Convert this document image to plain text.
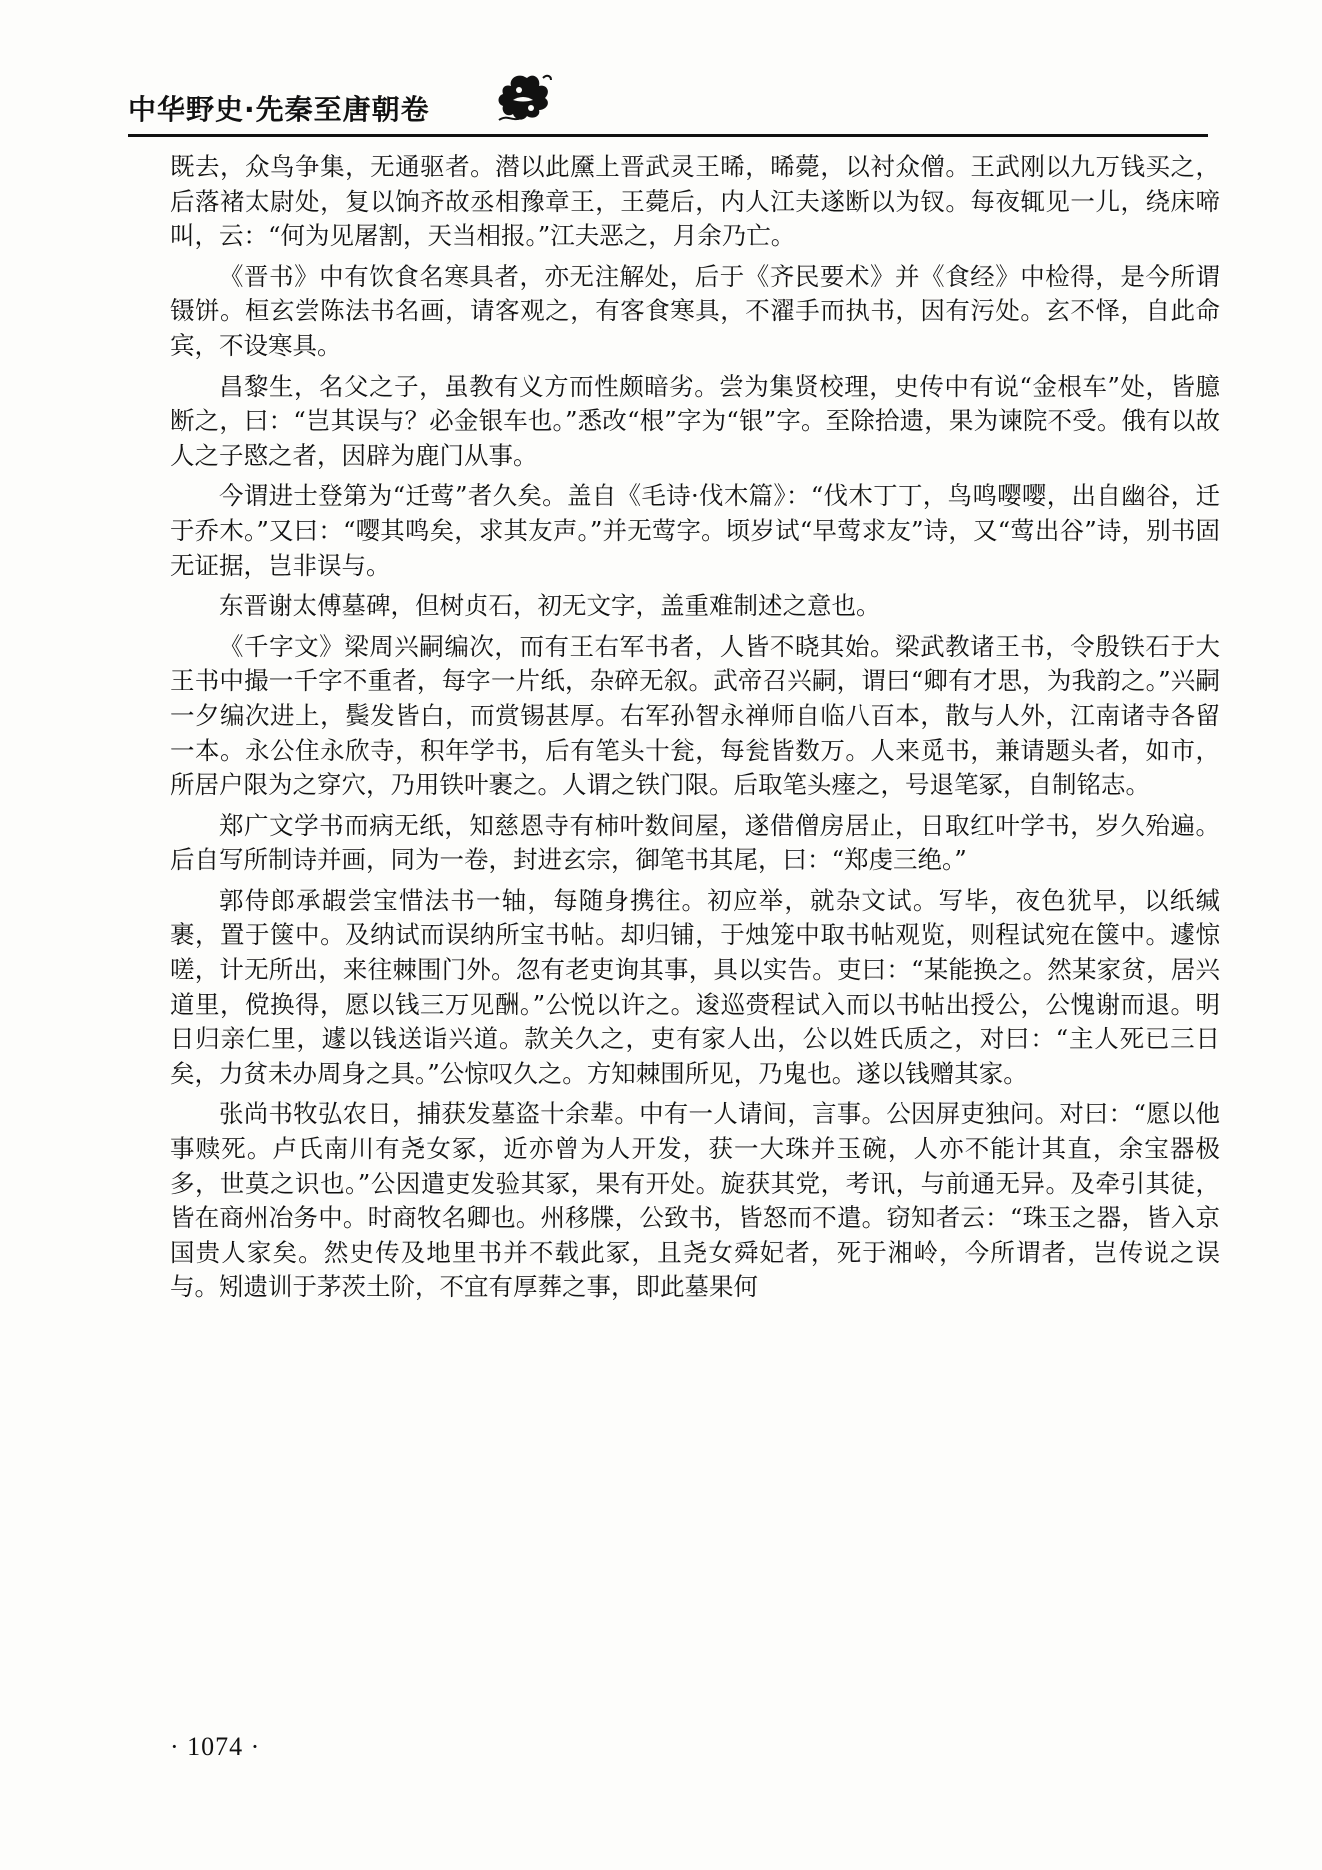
中华野史·先秦至唐朝卷

既去，众鸟争集，无通驱者。潜以此黡上晋武灵王晞，晞薨，以衬众僧。王武刚以九万钱买之，后落褚太尉处，复以饷齐故丞相豫章王，王薨后，内人江夫遂断以为钗。每夜辄见一儿，绕床啼叫，云：“何为见屠割，天当相报。”江夫恶之，月余乃亡。

《晋书》中有饮食名寒具者，亦无注解处，后于《齐民要术》并《食经》中检得，是今所谓镊饼。桓玄尝陈法书名画，请客观之，有客食寒具，不濯手而执书，因有污处。玄不怿，自此命宾，不设寒具。

昌黎生，名父之子，虽教有义方而性颇暗劣。尝为集贤校理，史传中有说“金根车”处，皆臆断之，曰：“岂其误与？必金银车也。”悉改“根”字为“银”字。至除拾遗，果为谏院不受。俄有以故人之子愍之者，因辟为鹿门从事。

今谓进士登第为“迁莺”者久矣。盖自《毛诗·伐木篇》：“伐木丁丁，鸟鸣嘤嘤，出自幽谷，迁于乔木。”又曰：“嘤其鸣矣，求其友声。”并无莺字。顷岁试“早莺求友”诗，又“莺出谷”诗，别书固无证据，岂非误与。

东晋谢太傅墓碑，但树贞石，初无文字，盖重难制述之意也。

《千字文》梁周兴嗣编次，而有王右军书者，人皆不晓其始。梁武教诸王书，令殷铁石于大王书中撮一千字不重者，每字一片纸，杂碎无叙。武帝召兴嗣，谓曰“卿有才思，为我韵之。”兴嗣一夕编次进上，鬓发皆白，而赏锡甚厚。右军孙智永禅师自临八百本，散与人外，江南诸寺各留一本。永公住永欣寺，积年学书，后有笔头十瓮，每瓮皆数万。人来觅书，兼请题头者，如市，所居户限为之穿穴，乃用铁叶裹之。人谓之铁门限。后取笔头瘗之，号退笔冢，自制铭志。

郑广文学书而病无纸，知慈恩寺有柿叶数间屋，遂借僧房居止，日取红叶学书，岁久殆遍。后自写所制诗并画，同为一卷，封进玄宗，御笔书其尾，曰：“郑虔三绝。”

郭侍郎承嘏尝宝惜法书一轴，每随身携往。初应举，就杂文试。写毕，夜色犹早，以纸缄裹，置于箧中。及纳试而误纳所宝书帖。却归铺，于烛笼中取书帖观览，则程试宛在箧中。遽惊嗟，计无所出，来往棘围门外。忽有老吏询其事，具以实告。吏曰：“某能换之。然某家贫，居兴道里，傥换得，愿以钱三万见酬。”公悦以许之。逡巡赍程试入而以书帖出授公，公愧谢而退。明日归亲仁里，遽以钱送诣兴道。款关久之，吏有家人出，公以姓氏质之，对曰：“主人死已三日矣，力贫未办周身之具。”公惊叹久之。方知棘围所见，乃鬼也。遂以钱赠其家。

张尚书牧弘农日，捕获发墓盗十余辈。中有一人请间，言事。公因屏吏独问。对曰：“愿以他事赎死。卢氏南川有尧女冢，近亦曾为人开发，获一大珠并玉碗，人亦不能计其直，余宝器极多，世莫之识也。”公因遣吏发验其冢，果有开处。旋获其党，考讯，与前通无异。及牵引其徒，皆在商州冶务中。时商牧名卿也。州移牒，公致书，皆怒而不遣。窃知者云：“珠玉之器，皆入京国贵人家矣。然史传及地里书并不载此冢，且尧女舜妃者，死于湘岭，今所谓者，岂传说之误与。矧遗训于茅茨土阶，不宜有厚葬之事，即此墓果何

· 1074 ·
